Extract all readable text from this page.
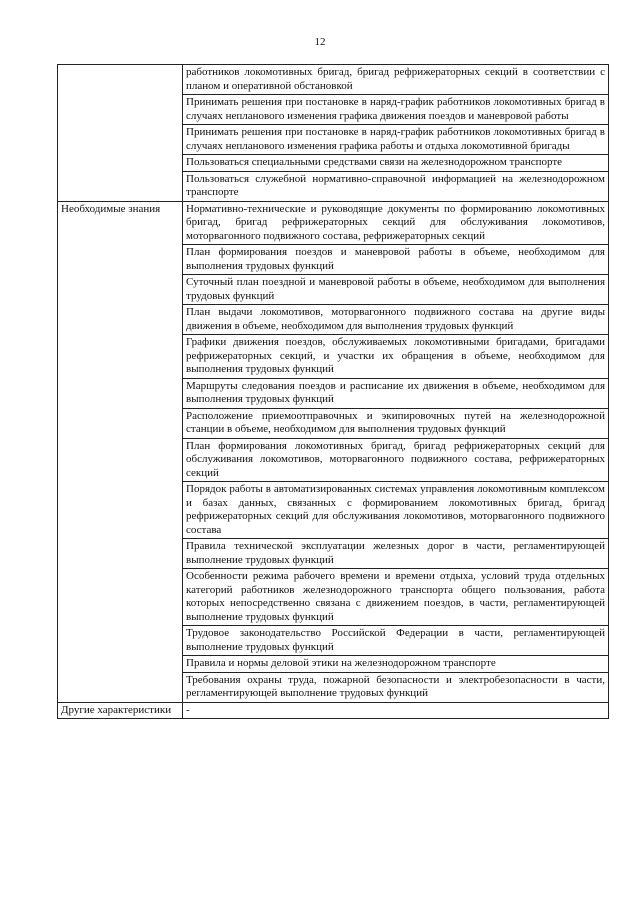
12
	работников локомотивных бригад, бригад рефрижераторных секций в соответствии с планом и оперативной обстановкой
	Принимать решения при постановке в наряд-график работников локомотивных бригад в случаях непланового изменения графика движения поездов и маневровой работы
	Принимать решения при постановке в наряд-график работников локомотивных бригад в случаях непланового изменения графика работы и отдыха локомотивной бригады
	Пользоваться специальными средствами связи на железнодорожном транспорте
	Пользоваться служебной нормативно-справочной информацией на железнодорожном транспорте
Необходимые знания	Нормативно-технические и руководящие документы по формированию локомотивных бригад, бригад рефрижераторных секций для обслуживания локомотивов, моторвагонного подвижного состава, рефрижераторных секций
	План формирования поездов и маневровой работы в объеме, необходимом для выполнения трудовых функций
	Суточный план поездной и маневровой работы в объеме, необходимом для выполнения трудовых функций
	План выдачи локомотивов, моторвагонного подвижного состава на другие виды движения в объеме, необходимом для выполнения трудовых функций
	Графики движения поездов, обслуживаемых локомотивными бригадами, бригадами рефрижераторных секций, и участки их обращения в объеме, необходимом для выполнения трудовых функций
	Маршруты следования поездов и расписание их движения в объеме, необходимом для выполнения трудовых функций
	Расположение приемоотправочных и экипировочных путей на железнодорожной станции в объеме, необходимом для выполнения трудовых функций
	План формирования локомотивных бригад, бригад рефрижераторных секций для обслуживания локомотивов, моторвагонного подвижного состава, рефрижераторных секций
	Порядок работы в автоматизированных системах управления локомотивным комплексом и базах данных, связанных с формированием локомотивных бригад, бригад рефрижераторных секций для обслуживания локомотивов, моторвагонного подвижного состава
	Правила технической эксплуатации железных дорог в части, регламентирующей выполнение трудовых функций
	Особенности режима рабочего времени и времени отдыха, условий труда отдельных категорий работников железнодорожного транспорта общего пользования, работа которых непосредственно связана с движением поездов, в части, регламентирующей выполнение трудовых функций
	Трудовое законодательство Российской Федерации в части, регламентирующей выполнение трудовых функций
	Правила и нормы деловой этики на железнодорожном транспорте
	Требования охраны труда, пожарной безопасности и электробезопасности в части, регламентирующей выполнение трудовых функций
Другие характеристики	-
